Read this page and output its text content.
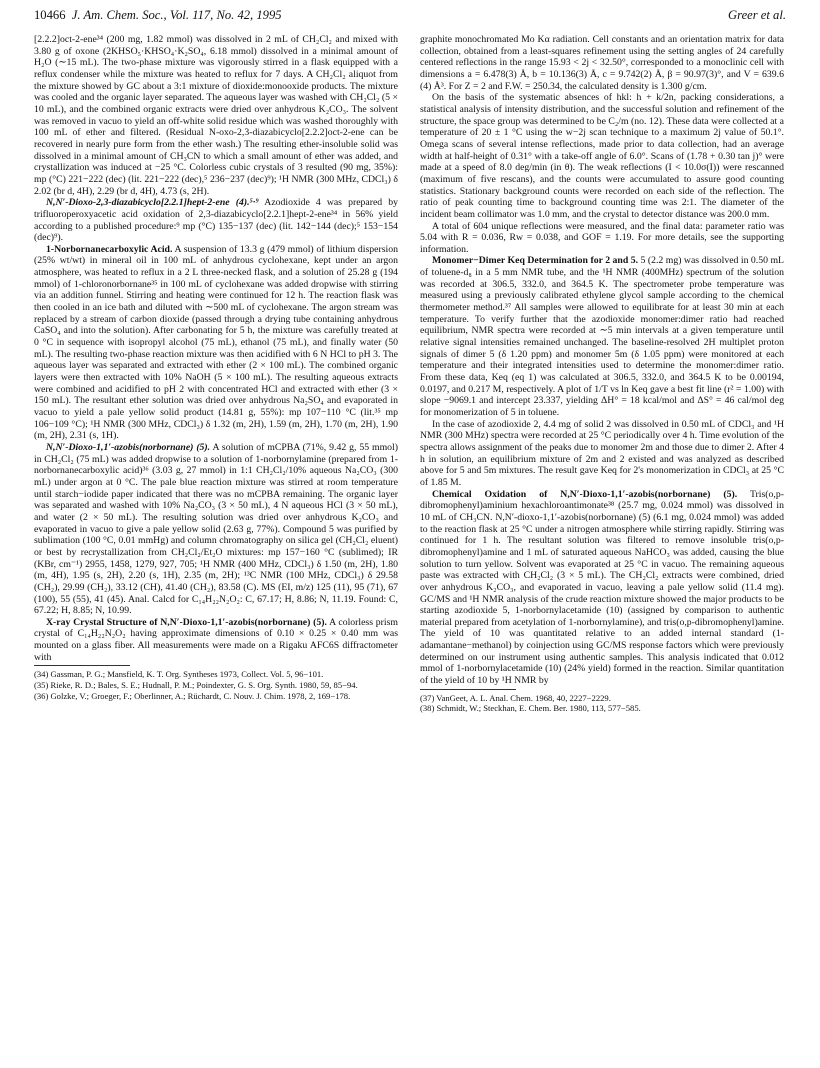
10466 J. Am. Chem. Soc., Vol. 117, No. 42, 1995	Greer et al.

[2.2.2]oct-2-ene³⁴ (200 mg, 1.82 mmol) was dissolved in 2 mL of CH₂Cl₂ and mixed with 3.80 g of oxone (2KHSO₅·KHSO₄·K₂SO₄, 6.18 mmol) dissolved in a minimal amount of H₂O (∼15 mL). The two-phase mixture was vigorously stirred in a flask equipped with a reflux condenser while the mixture was heated to reflux for 7 days. A CH₂Cl₂ aliquot from the mixture showed by GC about a 3:1 mixture of dioxide:monooxide products. The mixture was cooled and the organic layer separated. The aqueous layer was washed with CH₂Cl₂ (5 × 10 mL), and the combined organic extracts were dried over anhydrous K₂CO₃. The solvent was removed in vacuo to yield an off-white solid residue which was washed thoroughly with 100 mL of ether and filtered. (Residual N-oxo-2,3-diazabicyclo[2.2.2]oct-2-ene can be recovered in nearly pure form from the ether wash.) The resulting ether-insoluble solid was dissolved in a minimal amount of CH₃CN to which a small amount of ether was added, and crystallization was induced at −25 °C. Colorless cubic crystals of 3 resulted (90 mg, 35%): mp (°C) 221−222 (dec) (lit. 221−222 (dec),⁵ 236−237 (dec)⁹); ¹H NMR (300 MHz, CDCl₃) δ 2.02 (br d, 4H), 2.29 (br d, 4H), 4.73 (s, 2H).

N,N′-Dioxo-2,3-diazabicyclo[2.2.1]hept-2-ene (4).⁵·⁹ Azodioxide 4 was prepared by trifluoroperoxyacetic acid oxidation of 2,3-diazabicyclo[2.2.1]hept-2-ene³⁴ in 56% yield according to a published procedure:⁹ mp (°C) 135−137 (dec) (lit. 142−144 (dec);⁵ 153−154 (dec)⁹).

1-Norbornanecarboxylic Acid. A suspension of 13.3 g (479 mmol) of lithium dispersion (25% wt/wt) in mineral oil in 100 mL of anhydrous cyclohexane, kept under an argon atmosphere, was heated to reflux in a 2 L three-necked flask, and a solution of 25.28 g (194 mmol) of 1-chloronorbornane³⁵ in 100 mL of cyclohexane was added dropwise with stirring via an addition funnel. Stirring and heating were continued for 12 h. The reaction flask was then cooled in an ice bath and diluted with ∼500 mL of cyclohexane. The argon stream was replaced by a stream of carbon dioxide (passed through a drying tube containing anhydrous CaSO₄ and into the solution). After carbonating for 5 h, the mixture was carefully treated at 0 °C in sequence with isopropyl alcohol (75 mL), ethanol (75 mL), and finally water (50 mL). The resulting two-phase reaction mixture was then acidified with 6 N HCl to pH 3. The aqueous layer was separated and extracted with ether (2 × 100 mL). The combined organic layers were then extracted with 10% NaOH (5 × 100 mL). The resulting aqueous extracts were combined and acidified to pH 2 with concentrated HCl and extracted with ether (3 × 150 mL). The resultant ether solution was dried over anhydrous Na₂SO₄ and evaporated in vacuo to yield a pale yellow solid product (14.81 g, 55%): mp 107−110 °C (lit.³⁵ mp 106−109 °C); ¹H NMR (300 MHz, CDCl₃) δ 1.32 (m, 2H), 1.59 (m, 2H), 1.70 (m, 2H), 1.90 (m, 2H), 2.31 (s, 1H).

N,N′-Dioxo-1,1′-azobis(norbornane) (5). A solution of mCPBA (71%, 9.42 g, 55 mmol) in CH₂Cl₂ (75 mL) was added dropwise to a solution of 1-norbornylamine (prepared from 1-norbornanecarboxylic acid)³⁶ (3.03 g, 27 mmol) in 1:1 CH₂Cl₂/10% aqueous Na₂CO₃ (300 mL) under argon at 0 °C. The pale blue reaction mixture was stirred at room temperature until starch−iodide paper indicated that there was no mCPBA remaining. The organic layer was separated and washed with 10% Na₂CO₃ (3 × 50 mL), 4 N aqueous HCl (3 × 50 mL), and water (2 × 50 mL). The resulting solution was dried over anhydrous K₂CO₃ and evaporated in vacuo to give a pale yellow solid (2.63 g, 77%). Compound 5 was purified by sublimation (100 °C, 0.01 mmHg) and column chromatography on silica gel (CH₂Cl₂ eluent) or best by recrystallization from CH₂Cl₂/Et₂O mixtures: mp 157−160 °C (sublimed); IR (KBr, cm⁻¹) 2955, 1458, 1279, 927, 705; ¹H NMR (400 MHz, CDCl₃) δ 1.50 (m, 2H), 1.80 (m, 4H), 1.95 (s, 2H), 2.20 (s, 1H), 2.35 (m, 2H); ¹³C NMR (100 MHz, CDCl₃) δ 29.58 (CH₂), 29.99 (CH₂), 33.12 (CH), 41.40 (CH₂), 83.58 (C). MS (EI, m/z) 125 (11), 95 (71), 67 (100), 55 (55), 41 (45). Anal. Calcd for C₁₄H₂₂N₂O₂: C, 67.17; H, 8.86; N, 11.19. Found: C, 67.22; H, 8.85; N, 10.99.

X-ray Crystal Structure of N,N′-Dioxo-1,1′-azobis(norbornane) (5). A colorless prism crystal of C₁₄H₂₂N₂O₂ having approximate dimensions of 0.10 × 0.25 × 0.40 mm was mounted on a glass fiber. All measurements were made on a Rigaku AFC6S diffractometer with

(34) Gassman, P. G.; Mansfield, K. T. Org. Syntheses 1973, Collect. Vol. 5, 96−101.

(35) Rieke, R. D.; Bales, S. E.; Hudnall, P. M.; Poindexter, G. S. Org. Synth. 1980, 59, 85−94.

(36) Golzke, V.; Groeger, F.; Oberlinner, A.; Rüchardt, C. Nouv. J. Chim. 1978, 2, 169−178.

graphite monochromated Mo Kα radiation. Cell constants and an orientation matrix for data collection, obtained from a least-squares refinement using the setting angles of 24 carefully centered reflections in the range 15.93 < 2j < 32.50°, corresponded to a monoclinic cell with dimensions a = 6.478(3) Å, b = 10.136(3) Å, c = 9.742(2) Å, β = 90.97(3)°, and V = 639.6 (4) Å³. For Z = 2 and F.W. = 250.34, the calculated density is 1.300 g/cm.

On the basis of the systematic absences of hkl: h + k/2n, packing considerations, a statistical analysis of intensity distribution, and the successful solution and refinement of the structure, the space group was determined to be C₂/m (no. 12). These data were collected at a temperature of 20 ± 1 °C using the w−2j scan technique to a maximum 2j value of 50.1°. Omega scans of several intense reflections, made prior to data collection, had an average width at half-height of 0.31° with a take-off angle of 6.0°. Scans of (1.78 + 0.30 tan j)° were made at a speed of 8.0 deg/min (in θ). The weak reflections (I < 10.0σ(I)) were rescanned (maximum of five rescans), and the counts were accumulated to assure good counting statistics. Stationary background counts were recorded on each side of the reflection. The ratio of peak counting time to background counting time was 2:1. The diameter of the incident beam collimator was 1.0 mm, and the crystal to detector distance was 200.0 mm.

A total of 604 unique reflections were measured, and the final data: parameter ratio was 5.04 with R = 0.036, Rw = 0.038, and GOF = 1.19. For more details, see the supporting information.

Monomer−Dimer Keq Determination for 2 and 5. 5 (2.2 mg) was dissolved in 0.50 mL of toluene-d₈ in a 5 mm NMR tube, and the ¹H NMR (400MHz) spectrum of the solution was recorded at 306.5, 332.0, and 364.5 K. The spectrometer probe temperature was measured using a previously calibrated ethylene glycol sample according to the chemical thermometer method.³⁷ All samples were allowed to equilibrate for at least 30 min at each temperature. To verify further that the azodioxide monomer:dimer ratio had reached equilibrium, NMR spectra were recorded at ∼5 min intervals at a given temperature until relative signal intensities remained unchanged. The baseline-resolved 2H multiplet proton signals of dimer 5 (δ 1.20 ppm) and monomer 5m (δ 1.05 ppm) were monitored at each temperature and their integrated intensities used to determine the monomer:dimer ratio. From these data, Keq (eq 1) was calculated at 306.5, 332.0, and 364.5 K to be 0.00194, 0.0197, and 0.217 M, respectively. A plot of 1/T vs ln Keq gave a best fit line (r² = 1.00) with slope −9069.1 and intercept 23.337, yielding ΔH° = 18 kcal/mol and ΔS° = 46 cal/mol deg for monomerization of 5 in toluene.

In the case of azodioxide 2, 4.4 mg of solid 2 was dissolved in 0.50 mL of CDCl₃ and ¹H NMR (300 MHz) spectra were recorded at 25 °C periodically over 4 h. Time evolution of the spectra allows assignment of the peaks due to monomer 2m and those due to dimer 2. After 4 h in solution, an equilibrium mixture of 2m and 2 existed and was analyzed as described above for 5 and 5m mixtures. The result gave Keq for 2's monomerization in CDCl₃ at 25 °C of 1.85 M.

Chemical Oxidation of N,N′-Dioxo-1,1′-azobis(norbornane) (5). Tris(o,p-dibromophenyl)aminium hexachloroantimonate³⁸ (25.7 mg, 0.024 mmol) was dissolved in 10 mL of CH₃CN. N,N′-dioxo-1,1′-azobis(norbornane) (5) (6.1 mg, 0.024 mmol) was added to the reaction flask at 25 °C under a nitrogen atmosphere while stirring rapidly. Stirring was continued for 1 h. The resultant solution was filtered to remove insoluble tris(o,p-dibromophenyl)amine and 1 mL of saturated aqueous NaHCO₃ was added, causing the blue solution to turn yellow. Solvent was evaporated at 25 °C in vacuo. The remaining aqueous paste was extracted with CH₂Cl₂ (3 × 5 mL). The CH₂Cl₂ extracts were combined, dried over anhydrous K₂CO₃, and evaporated in vacuo, leaving a pale yellow solid (11.4 mg). GC/MS and ¹H NMR analysis of the crude reaction mixture showed the major products to be starting azodioxide 5, 1-norbornylacetamide (10) (assigned by comparison to authentic material prepared from acetylation of 1-norbornylamine), and tris(o,p-dibromophenyl)amine. The yield of 10 was quantitated relative to an added internal standard (1-adamantane−methanol) by coinjection using GC/MS response factors which were previously determined on our instrument using authentic samples. This analysis indicated that 0.012 mmol of 1-norbornylacetamide (10) (24% yield) formed in the reaction. Similar quantitation of the yield of 10 by ¹H NMR by

(37) VanGeet, A. L. Anal. Chem. 1968, 40, 2227−2229.

(38) Schmidt, W.; Steckhan, E. Chem. Ber. 1980, 113, 577−585.
